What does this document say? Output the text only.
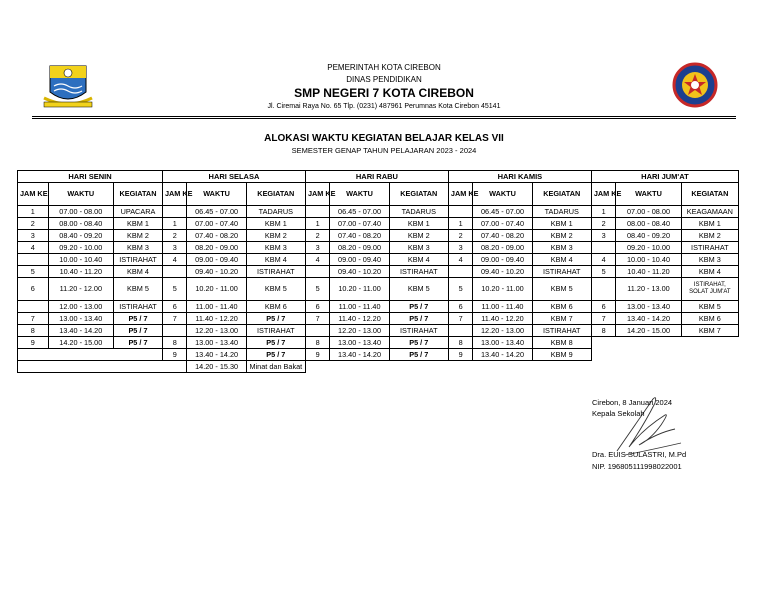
PEMERINTAH KOTA CIREBON
DINAS PENDIDIKAN
SMP NEGERI 7 KOTA CIREBON
Jl. Ciremai Raya No. 65 Tlp. (0231) 487961 Perumnas Kota Cirebon 45141
ALOKASI WAKTU KEGIATAN BELAJAR KELAS VII
SEMESTER GENAP TAHUN PELAJARAN 2023 - 2024
HARI SENIN			HARI SELASA			HARI RABU			HARI KAMIS			HARI JUM'AT		
JAM KE	WAKTU	KEGIATAN	JAM KE	WAKTU	KEGIATAN	JAM KE	WAKTU	KEGIATAN	JAM KE	WAKTU	KEGIATAN	JAM KE	WAKTU	KEGIATAN
1	07.00 - 08.00	UPACARA		06.45 - 07.00	TADARUS		06.45 - 07.00	TADARUS		06.45 - 07.00	TADARUS	1	07.00 - 08.00	KEAGAMAAN
2	08.00 - 08.40	KBM 1	1	07.00 - 07.40	KBM 1	1	07.00 - 07.40	KBM 1	1	07.00 - 07.40	KBM 1	2	08.00 - 08.40	KBM 1
3	08.40 - 09.20	KBM 2	2	07.40 - 08.20	KBM 2	2	07.40 - 08.20	KBM 2	2	07.40 - 08.20	KBM 2	3	08.40 - 09.20	KBM 2
4	09.20 - 10.00	KBM 3	3	08.20 - 09.00	KBM 3	3	08.20 - 09.00	KBM 3	3	08.20 - 09.00	KBM 3		09.20 - 10.00	ISTIRAHAT
	10.00 - 10.40	ISTIRAHAT	4	09.00 - 09.40	KBM 4	4	09.00 - 09.40	KBM 4	4	09.00 - 09.40	KBM 4	4	10.00 - 10.40	KBM 3
5	10.40 - 11.20	KBM 4		09.40 - 10.20	ISTIRAHAT		09.40 - 10.20	ISTIRAHAT		09.40 - 10.20	ISTIRAHAT	5	10.40 - 11.20	KBM 4
6	11.20 - 12.00	KBM 5	5	10.20 - 11.00	KBM 5	5	10.20 - 11.00	KBM 5	5	10.20 - 11.00	KBM 5		11.20 - 13.00	ISTIRAHAT, SOLAT JUM'AT
	12.00 - 13.00	ISTIRAHAT	6	11.00 - 11.40	KBM 6	6	11.00 - 11.40	P5 / 7	6	11.00 - 11.40	KBM 6	6	13.00 - 13.40	KBM 5
7	13.00 - 13.40	P5 / 7	7	11.40 - 12.20	P5 / 7	7	11.40 - 12.20	P5 / 7	7	11.40 - 12.20	KBM 7	7	13.40 - 14.20	KBM 6
8	13.40 - 14.20	P5 / 7		12.20 - 13.00	ISTIRAHAT		12.20 - 13.00	ISTIRAHAT		12.20 - 13.00	ISTIRAHAT	8	14.20 - 15.00	KBM 7
9	14.20 - 15.00	P5 / 7	8	13.00 - 13.40	P5 / 7	8	13.00 - 13.40	P5 / 7	8	13.00 - 13.40	KBM 8			
			9	13.40 - 14.20	P5 / 7	9	13.40 - 14.20	P5 / 7	9	13.40 - 14.20	KBM 9			
				14.20 - 15.30	Minat dan Bakat									
Cirebon, 8 Januari 2024
Kepala Sekolah
Dra. EUIS SULASTRI, M.Pd
NIP. 196805111998022001
